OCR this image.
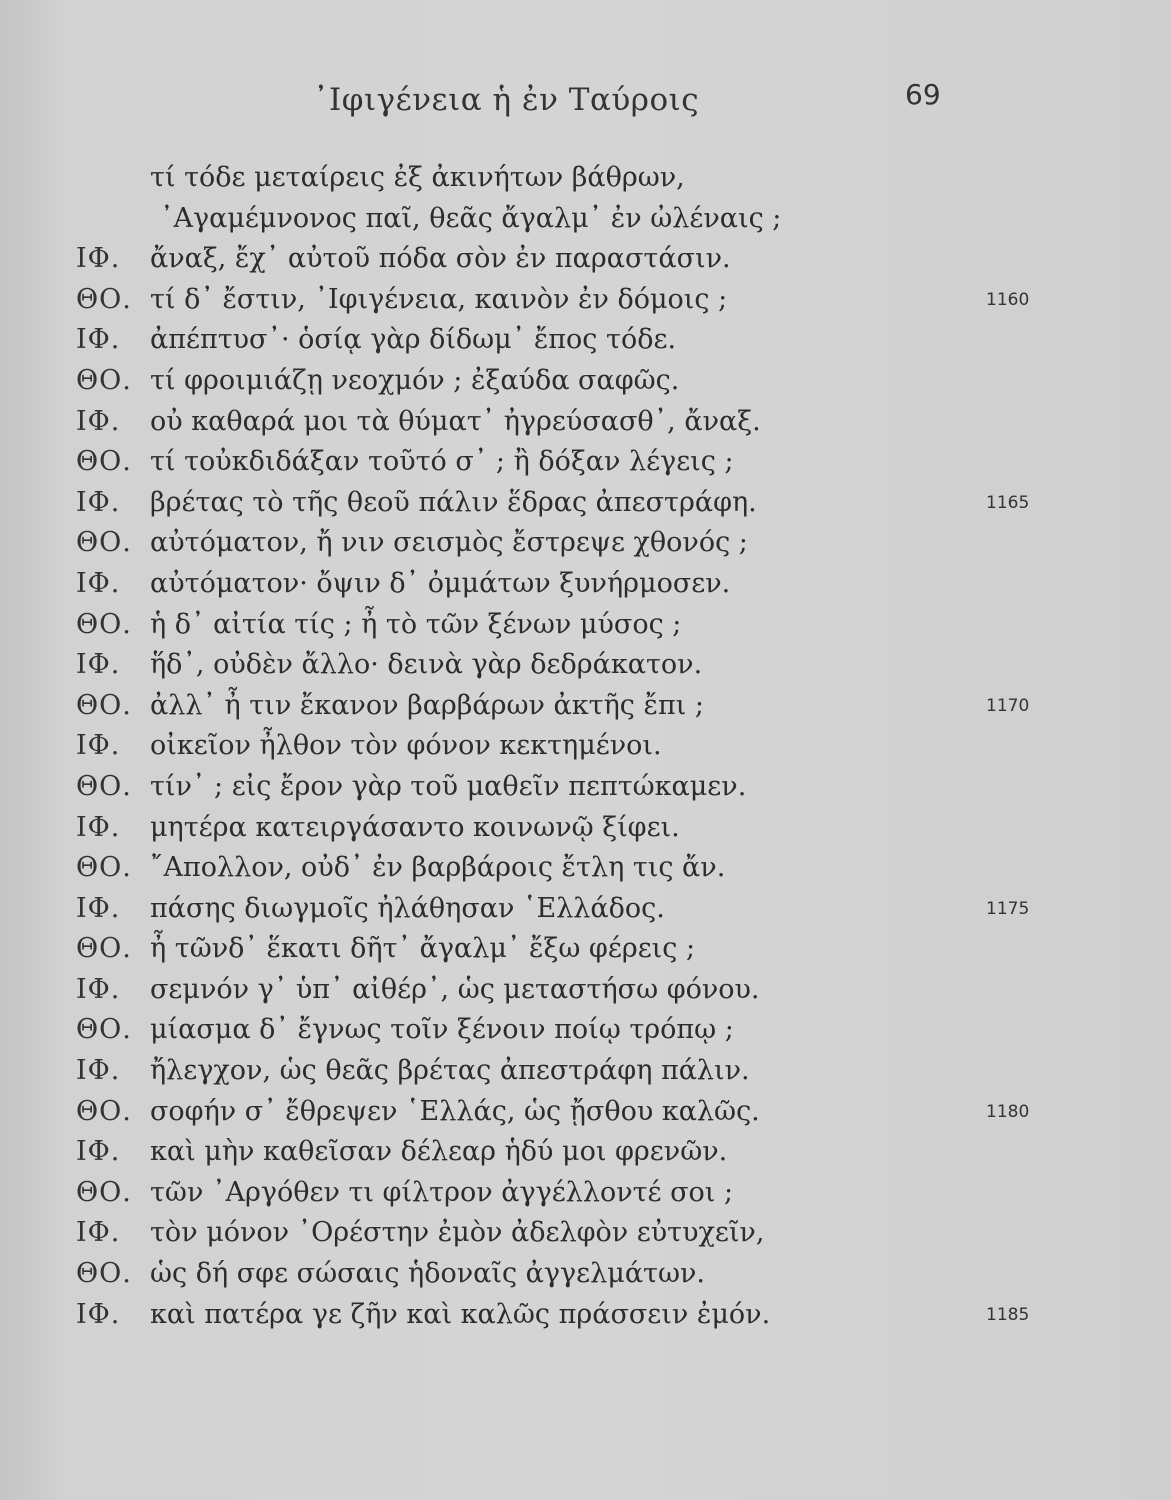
᾿Ιφιγένεια ἡ ἐν Ταύροις	69
τί τόδε μεταίρεις ἐξ ἀκινήτων βάθρων,
᾿Αγαμέμνονος παῖ, θεᾶς ἄγαλμ᾿ ἐν ὠλέναις ;
ΙΦ. ἄναξ, ἔχ᾿ αὐτοῦ πόδα σὸν ἐν παραστάσιν.
ΘΟ. τί δ᾿ ἔστιν, ᾿Ιφιγένεια, καινὸν ἐν δόμοις ;	1160
ΙΦ. ἀπέπτυσ᾿· ὁσίᾳ γὰρ δίδωμ᾿ ἔπος τόδε.
ΘΟ. τί φροιμιάζῃ νεοχμόν ; ἐξαύδα σαφῶς.
ΙΦ. οὐ καθαρά μοι τὰ θύματ᾿ ἠγρεύσασθ᾿, ἄναξ.
ΘΟ. τί τοὐκδιδάξαν τοῦτό σ᾿ ; ἢ δόξαν λέγεις ;
ΙΦ. βρέτας τὸ τῆς θεοῦ πάλιν ἕδρας ἀπεστράφη.	1165
ΘΟ. αὐτόματον, ἤ νιν σεισμὸς ἔστρεψε χθονός ;
ΙΦ. αὐτόματον· ὄψιν δ᾿ ὀμμάτων ξυνήρμοσεν.
ΘΟ. ἡ δ᾿ αἰτία τίς ; ἦ τὸ τῶν ξένων μύσος ;
ΙΦ. ἥδ᾿, οὐδὲν ἄλλο· δεινὰ γὰρ δεδράκατον.
ΘΟ. ἀλλ᾿ ἦ τιν ἔκανον βαρβάρων ἀκτῆς ἔπι ;	1170
ΙΦ. οἰκεῖον ἦλθον τὸν φόνον κεκτημένοι.
ΘΟ. τίν᾿ ; εἰς ἔρον γὰρ τοῦ μαθεῖν πεπτώκαμεν.
ΙΦ. μητέρα κατειργάσαντο κοινωνῷ ξίφει.
ΘΟ. ῎Απολλον, οὐδ᾿ ἐν βαρβάροις ἔτλη τις ἄν.
ΙΦ. πάσης διωγμοῖς ἠλάθησαν ῾Ελλάδος.	1175
ΘΟ. ἦ τῶνδ᾿ ἕκατι δῆτ᾿ ἄγαλμ᾿ ἔξω φέρεις ;
ΙΦ. σεμνόν γ᾿ ὑπ᾿ αἰθέρ᾿, ὡς μεταστήσω φόνου.
ΘΟ. μίασμα δ᾿ ἔγνως τοῖν ξένοιν ποίῳ τρόπῳ ;
ΙΦ. ἤλεγχον, ὡς θεᾶς βρέτας ἀπεστράφη πάλιν.
ΘΟ. σοφήν σ᾿ ἔθρεψεν ῾Ελλάς, ὡς ᾔσθου καλῶς.	1180
ΙΦ. καὶ μὴν καθεῖσαν δέλεαρ ἡδύ μοι φρενῶν.
ΘΟ. τῶν ᾿Αργόθεν τι φίλτρον ἀγγέλλοντέ σοι ;
ΙΦ. τὸν μόνον ᾿Ορέστην ἐμὸν ἀδελφὸν εὐτυχεῖν,
ΘΟ. ὡς δή σφε σώσαις ἡδοναῖς ἀγγελμάτων.
ΙΦ. καὶ πατέρα γε ζῆν καὶ καλῶς πράσσειν ἐμόν.	1185
